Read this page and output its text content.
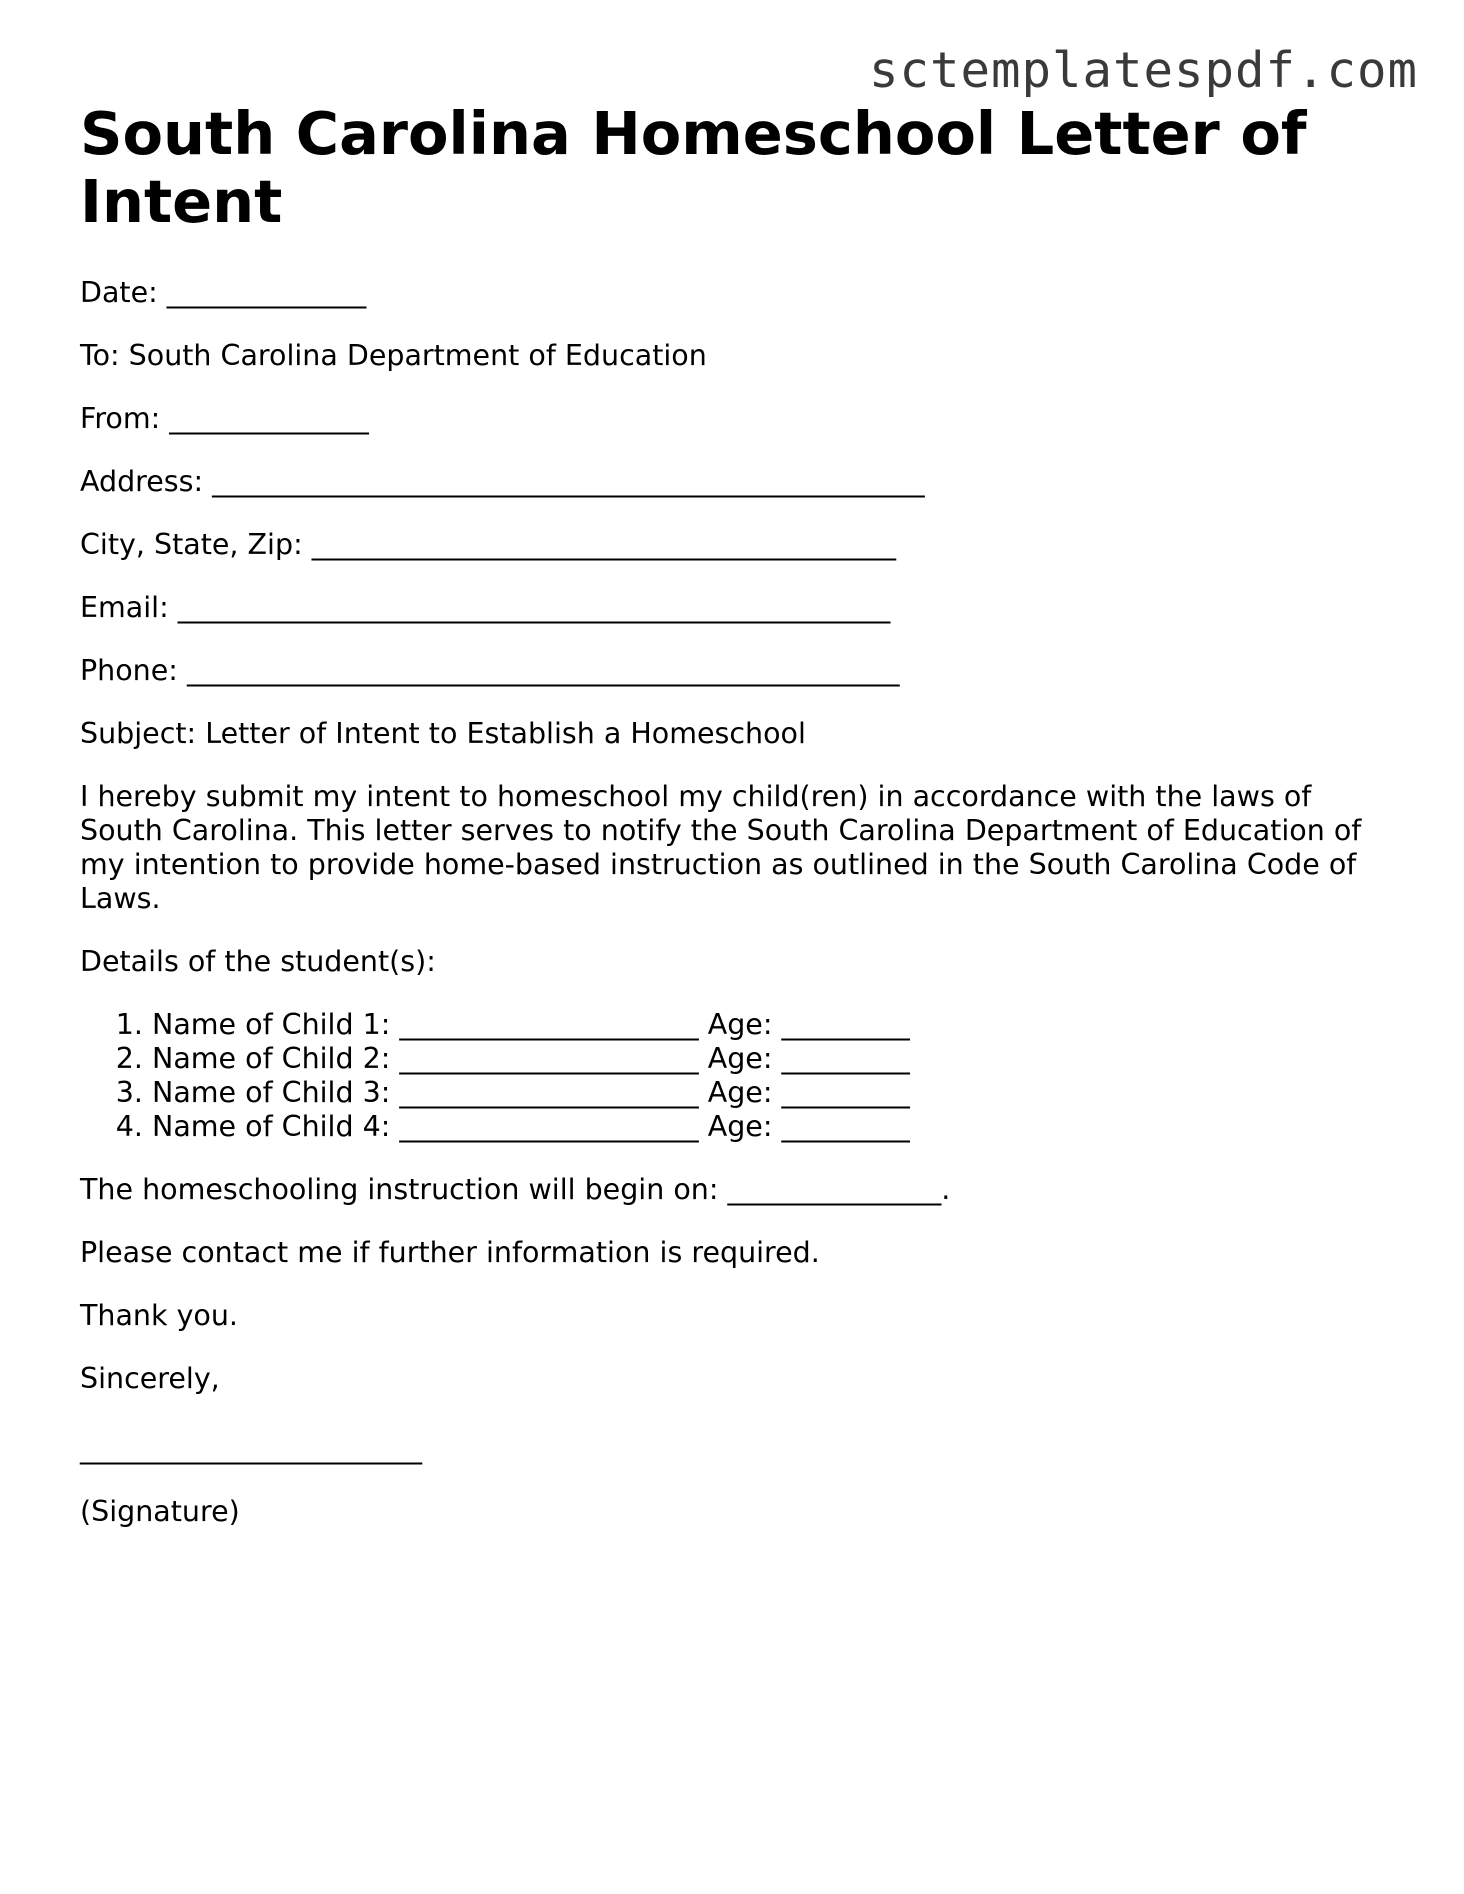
sctemplatespdf.com
South Carolina Homeschool Letter of Intent
Date: ______________
To: South Carolina Department of Education
From: ______________
Address: __________________________________________________
City, State, Zip: _________________________________________
Email: __________________________________________________
Phone: __________________________________________________
Subject: Letter of Intent to Establish a Homeschool
I hereby submit my intent to homeschool my child(ren) in accordance with the laws of South Carolina. This letter serves to notify the South Carolina Department of Education of my intention to provide home-based instruction as outlined in the South Carolina Code of Laws.
Details of the student(s):
1. Name of Child 1: _____________________ Age: _________
2. Name of Child 2: _____________________ Age: _________
3. Name of Child 3: _____________________ Age: _________
4. Name of Child 4: _____________________ Age: _________
The homeschooling instruction will begin on: _______________.
Please contact me if further information is required.
Thank you.
Sincerely,
________________________
(Signature)
